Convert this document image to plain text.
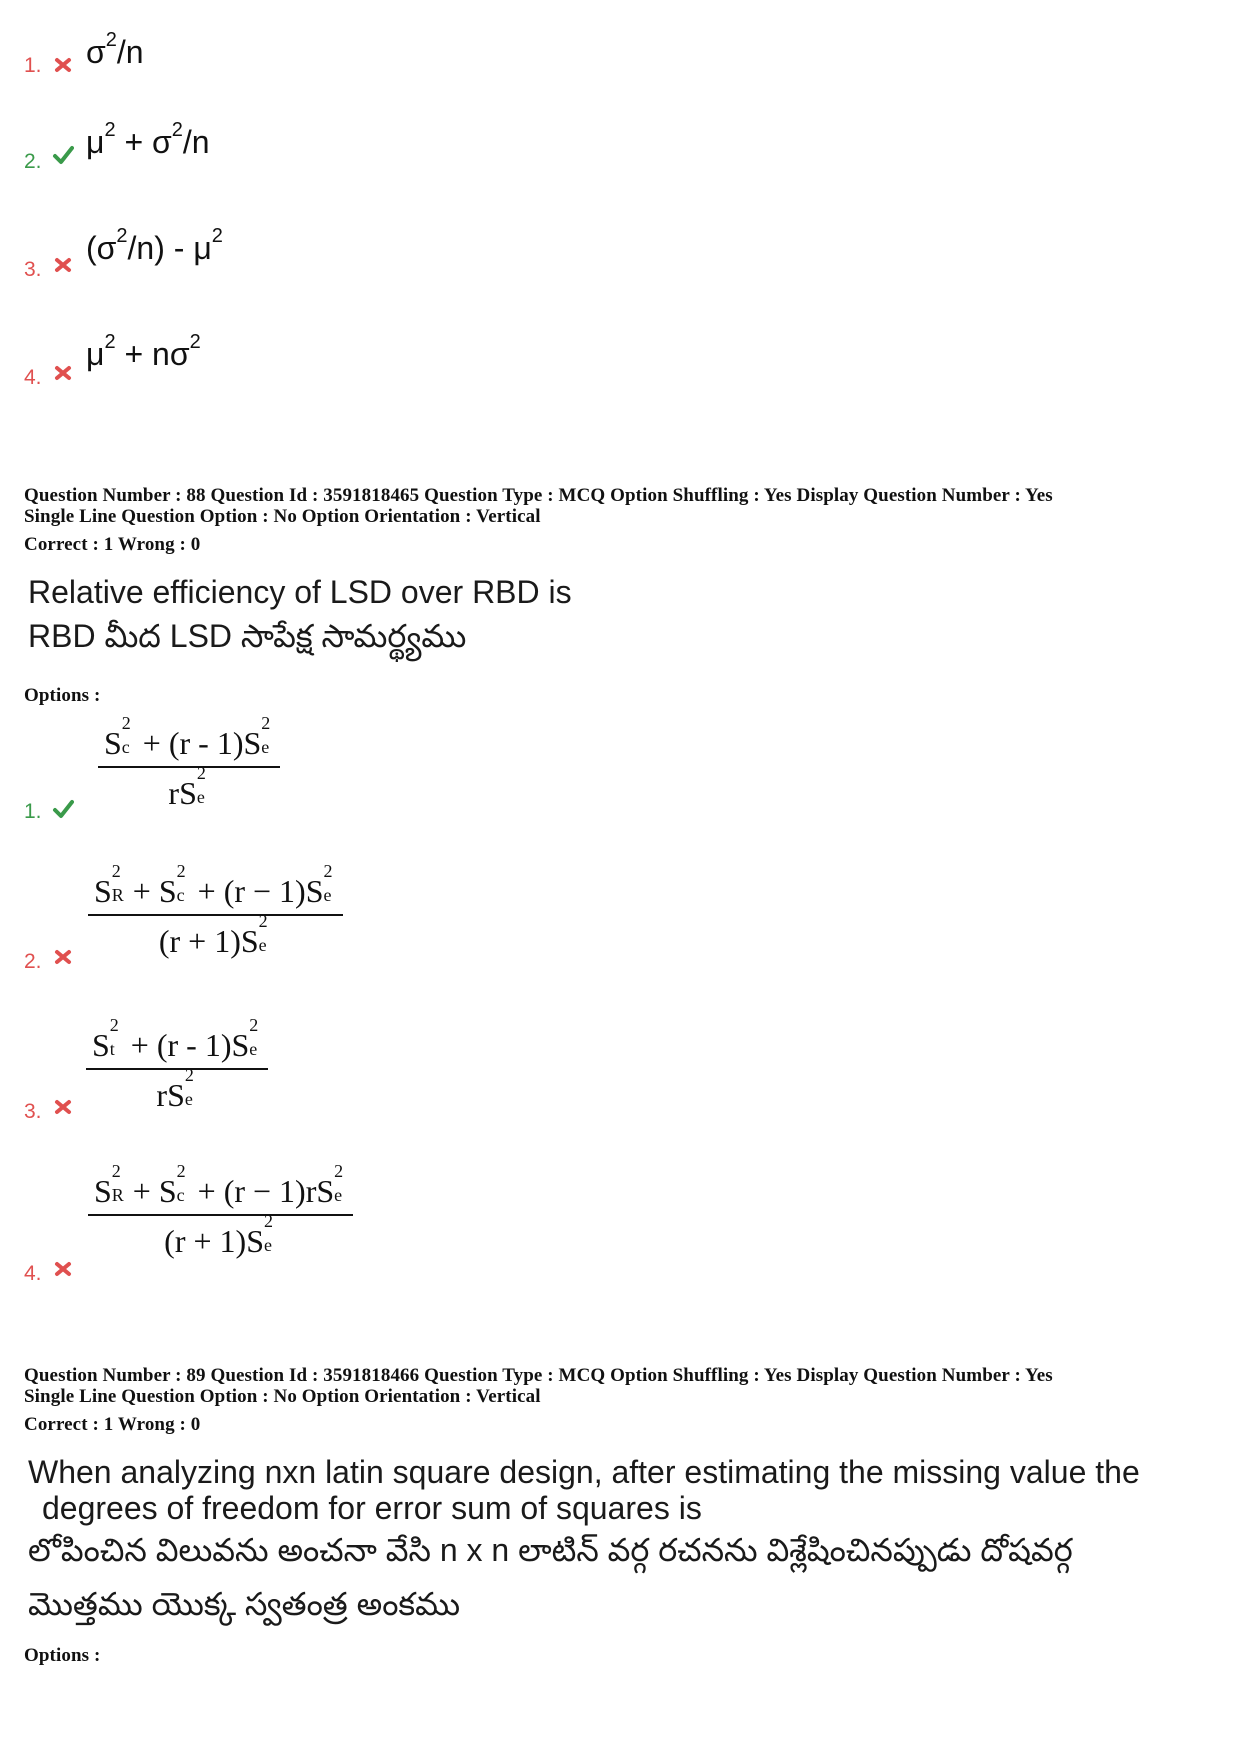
1. $\sigma^2/n$
2.
$\mu^2 + \sigma^2/n$
3.
$(\sigma^2/n) - \mu^2$
4.
$\mu^2 + n\sigma^2$
Question Number : 88 Question Id : 3591818465 Question Type : MCQ Option Shuffling : Yes Display Question Number : Yes
Single Line Question Option : No Option Orientation : Vertical
Correct : 1 Wrong : 0
Relative efficiency of LSD over RBD is
RBD మీద LSD సాపేక్ష సామర్థ్యము
Options :
1.
S
2
c + (r - 1)S
2
e
rS
2
e
2.
S
2
R + S
2
c + (r − 1)S
2
e
(r + 1)S
2
e
3.
S
2
t + (r - 1)S
2
e
rS
2
e
4.
S
2
R + S
2
c + (r − 1)rS
2
e
(r + 1)S
2
e
Question Number : 89 Question Id : 3591818466 Question Type : MCQ Option Shuffling : Yes Display Question Number : Yes
Single Line Question Option : No Option Orientation : Vertical
Correct : 1 Wrong : 0
When analyzing nxn latin square design, after estimating the missing value the
degrees of freedom for error sum of squares is
లోపించిన విలువను అంచనా వేసి n x n లాటిన్ వర్గ రచనను విశ్లేషించినప్పుడు దోషవర్గ
మొత్తము యొక్క స్వతంత్ర అంకము
Options :
